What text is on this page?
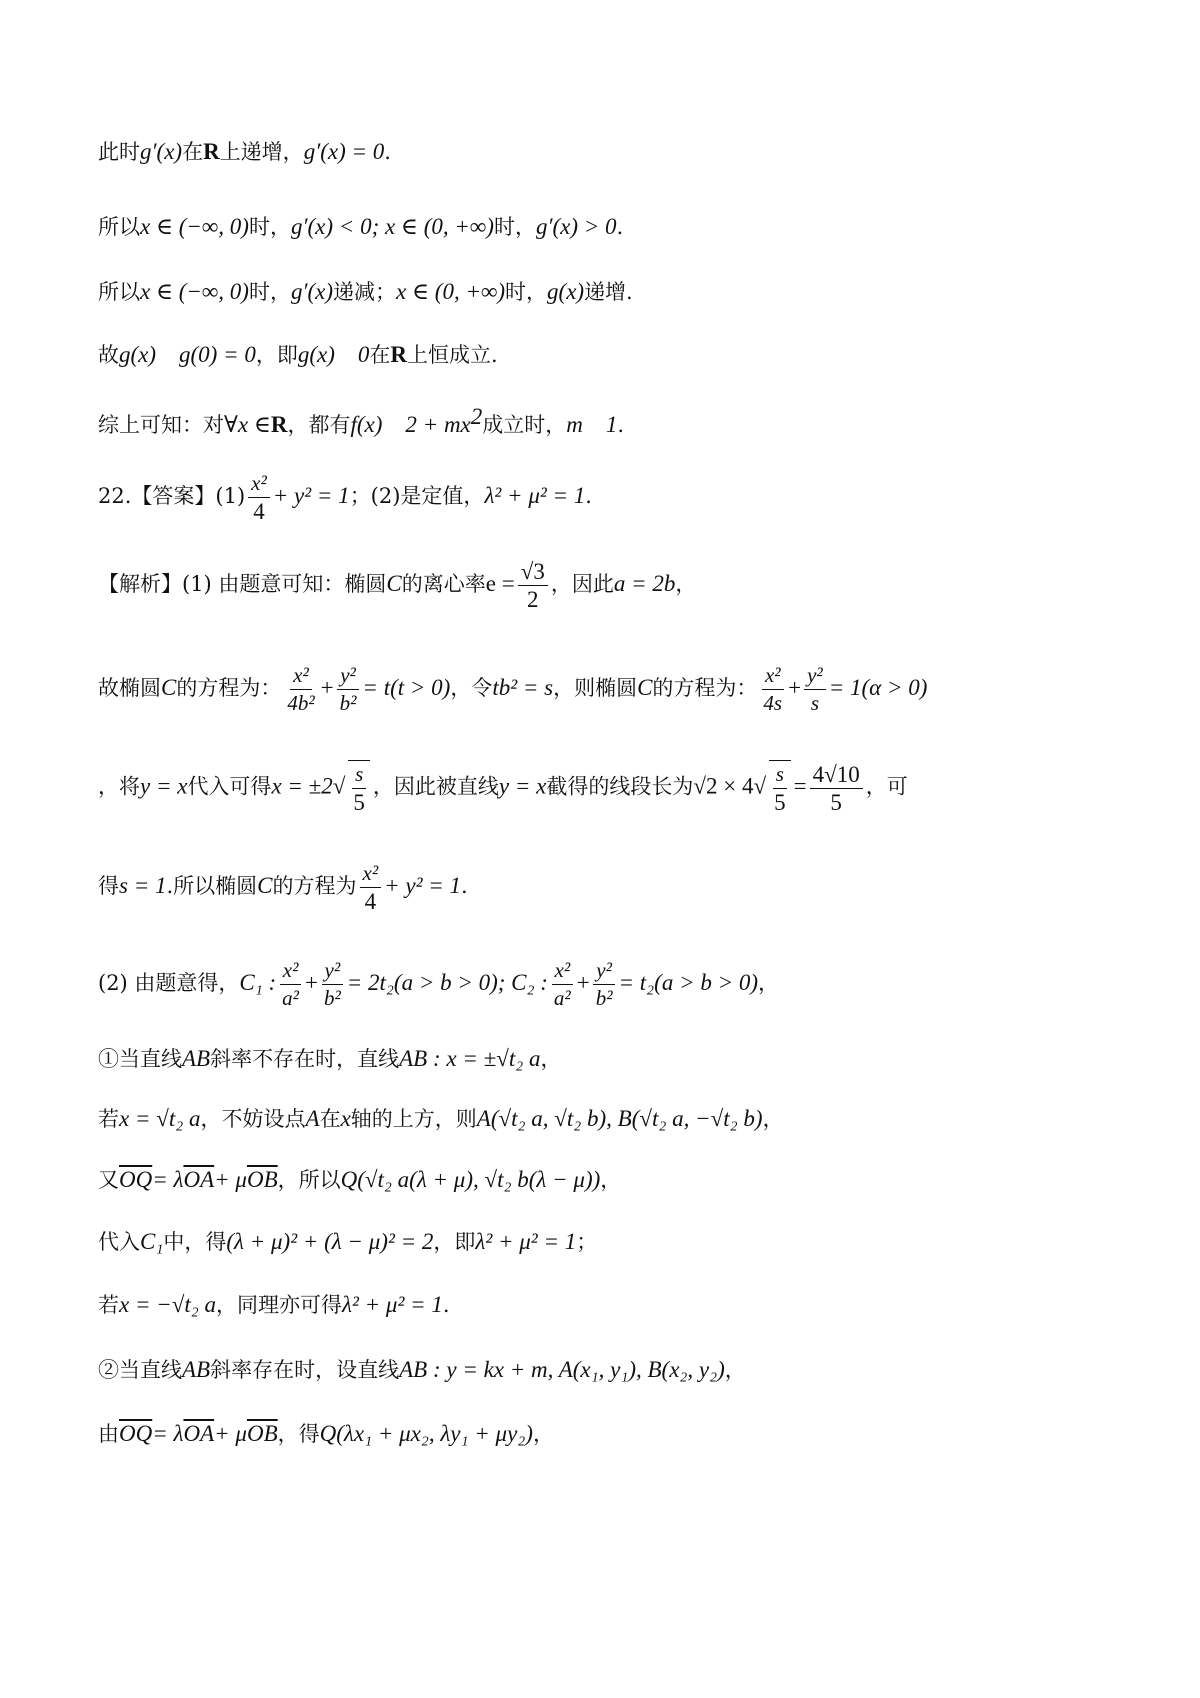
此时g′(x)在R上递增，g′(x) = 0.
所以x ∈ (−∞, 0)时，g′(x) < 0; x ∈ (0, +∞)时，g′(x) > 0.
所以x ∈ (−∞, 0)时，g′(x)递减；x ∈ (0, +∞)时，g(x)递增.
故g(x)    g(0) = 0，即g(x)    0在R上恒成立.
综上可知：对∀x ∈R，都有f(x)    $2 + mx^2$成立时，m    1.
22.【答案】$(1) \frac{\text{x²}}{4} + y^2 = 1$；(2)是定值，λ² + μ² = 1.
【解析】(1) 由题意可知：椭圆C的离心率$e = \frac{√3}{2}$ ，因此a = 2b，
故椭圆C的方程为： $\frac{\text{x²}}{\text{4b²}} + \frac{\text{y²}}{\text{b²}} = t(t > 0)$，令tb² = s，则椭圆C的方程为： $\frac{\text{x²}}{4s} + \frac{\text{y²}}{s} = 1(\alpha > 0)$
，将y = x代入可得$x = \pm 2√ \frac{s}{5}$ ，因此被直线y = x截得的线段长为$√2 \times 4√ \frac{s}{5} = \frac{4√10}{5}$ ，可
得s = 1.所以椭圆C的方程为 $\frac{\text{x²}}{4} + y^2 = 1$.
(2) 由题意得，C₁ : $\frac{\text{x²}}{\text{a²}} + \frac{\text{y²}}{\text{b²}} = 2t_2(a > b > 0)$; C₂ : $\frac{\text{x²}}{\text{a²}} + \frac{\text{y²}}{\text{b²}} = t_2(a > b > 0)$，
①当直线AB斜率不存在时，直线AB : x = ±√t₂ a，
若x = √t₂ a，不妨设点A在x轴的上方，则A(√t₂ a, √t₂ b), B(√t₂ a, −√t₂ b)，
又$\overline{OQ}= \lambda\overline{OA}+ \mu\overline{OB}$，所以Q(√t₂ a(λ + μ), √t₂ b(λ − μ))，
代入C₁中，得(λ + μ)² + (λ − μ)² = 2，即λ² + μ² = 1；
若x = −√t₂ a，同理亦可得λ² + μ² = 1.
②当直线AB斜率存在时，设直线AB : y = kx + m, A(x₁, y₁), B(x₂, y₂)，
由$\overline{OQ}= \lambda\overline{OA}+ \mu\overline{OB}$，得Q(λx₁ + μx₂, λy₁ + μy₂)，
